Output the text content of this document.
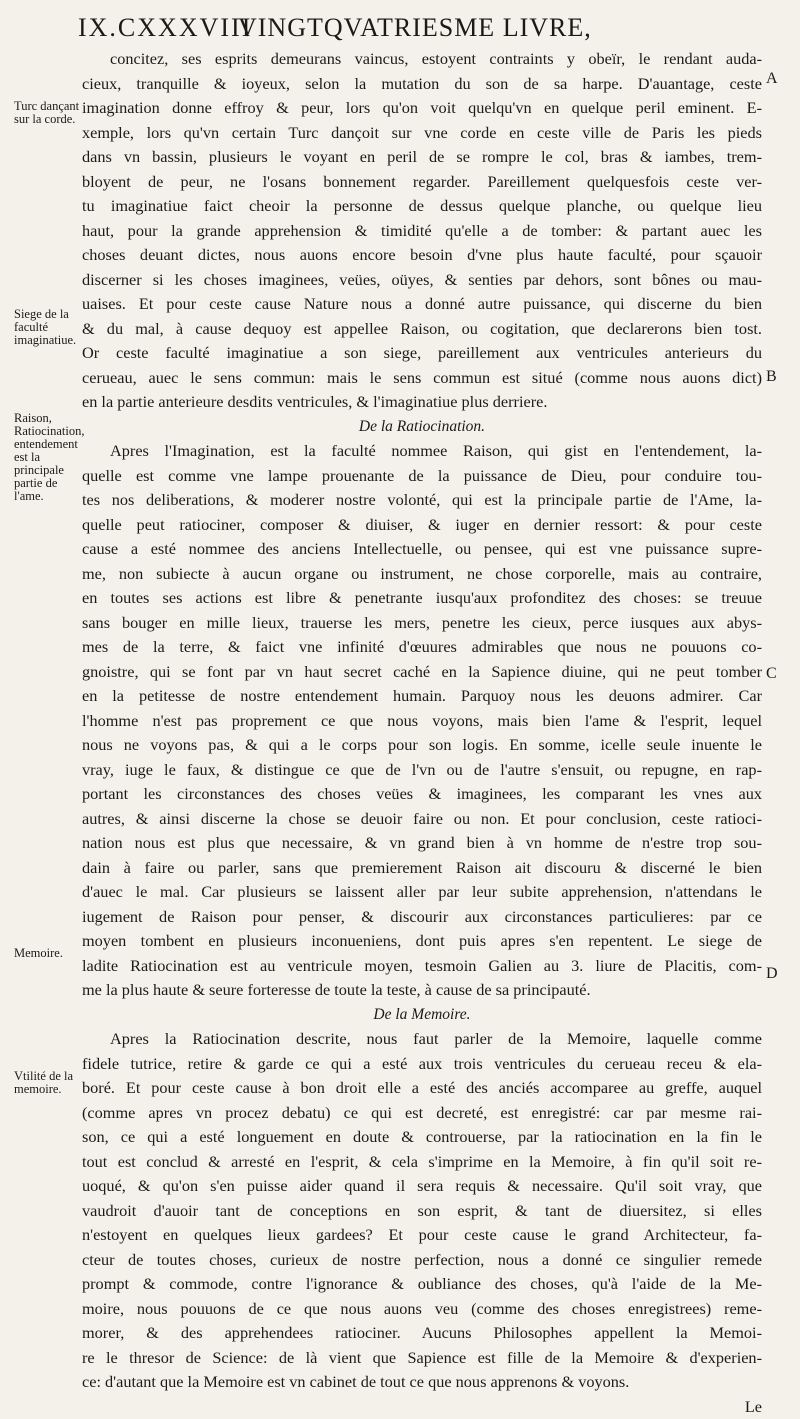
IX.CXXXVIII
VINGTQVATRIESME LIVRE,
Turc dançant sur la corde.
Siege de la faculté imaginatiue.
Raison, Ratiocination, entendement est la principale partie de l'ame.
Memoire.
Vtilité de la memoire.
A
B
C
D
concitez, ses esprits demeurans vaincus, estoyent contraints y obeïr, le rendant auda-
cieux, tranquille & ioyeux, selon la mutation du son de sa harpe. D'auantage, ceste
imagination donne effroy & peur, lors qu'on voit quelqu'vn en quelque peril eminent. E-
xemple, lors qu'vn certain Turc dançoit sur vne corde en ceste ville de Paris les pieds
dans vn bassin, plusieurs le voyant en peril de se rompre le col, bras & iambes, trem-
bloyent de peur, ne l'osans bonnement regarder. Pareillement quelquesfois ceste ver-
tu imaginatiue faict cheoir la personne de dessus quelque planche, ou quelque lieu
haut, pour la grande apprehension & timidité qu'elle a de tomber: & partant auec les
choses deuant dictes, nous auons encore besoin d'vne plus haute faculté, pour sçauoir
discerner si les choses imaginees, veües, oüyes, & senties par dehors, sont bônes ou mau-
uaises. Et pour ceste cause Nature nous a donné autre puissance, qui discerne du bien
& du mal, à cause dequoy est appellee Raison, ou cogitation, que declarerons bien tost.
Or ceste faculté imaginatiue a son siege, pareillement aux ventricules anterieurs du
cerueau, auec le sens commun: mais le sens commun est situé (comme nous auons dict)
en la partie anterieure desdits ventricules, & l'imaginatiue plus derriere.
De la Ratiocination.
Apres l'Imagination, est la faculté nommee Raison, qui gist en l'entendement, la-
quelle est comme vne lampe prouenante de la puissance de Dieu, pour conduire tou-
tes nos deliberations, & moderer nostre volonté, qui est la principale partie de l'Ame, la-
quelle peut ratiociner, composer & diuiser, & iuger en dernier ressort: & pour ceste
cause a esté nommee des anciens Intellectuelle, ou pensee, qui est vne puissance supre-
me, non subiecte à aucun organe ou instrument, ne chose corporelle, mais au contraire,
en toutes ses actions est libre & penetrante iusqu'aux profonditez des choses: se treuue
sans bouger en mille lieux, trauerse les mers, penetre les cieux, perce iusques aux abys-
mes de la terre, & faict vne infinité d'œuures admirables que nous ne pouuons co-
gnoistre, qui se font par vn haut secret caché en la Sapience diuine, qui ne peut tomber
en la petitesse de nostre entendement humain. Parquoy nous les deuons admirer. Car
l'homme n'est pas proprement ce que nous voyons, mais bien l'ame & l'esprit, lequel
nous ne voyons pas, & qui a le corps pour son logis. En somme, icelle seule inuente le
vray, iuge le faux, & distingue ce que de l'vn ou de l'autre s'ensuit, ou repugne, en rap-
portant les circonstances des choses veües & imaginees, les comparant les vnes aux
autres, & ainsi discerne la chose se deuoir faire ou non. Et pour conclusion, ceste ratioci-
nation nous est plus que necessaire, & vn grand bien à vn homme de n'estre trop sou-
dain à faire ou parler, sans que premierement Raison ait discouru & discerné le bien
d'auec le mal. Car plusieurs se laissent aller par leur subite apprehension, n'attendans le
iugement de Raison pour penser, & discourir aux circonstances particulieres: par ce
moyen tombent en plusieurs inconueniens, dont puis apres s'en repentent. Le siege de
ladite Ratiocination est au ventricule moyen, tesmoin Galien au 3. liure de Placitis, com-
me la plus haute & seure forteresse de toute la teste, à cause de sa principauté.
De la Memoire.
Apres la Ratiocination descrite, nous faut parler de la Memoire, laquelle comme
fidele tutrice, retire & garde ce qui a esté aux trois ventricules du cerueau receu & ela-
boré. Et pour ceste cause à bon droit elle a esté des anciés accomparee au greffe, auquel
(comme apres vn procez debatu) ce qui est decreté, est enregistré: car par mesme rai-
son, ce qui a esté longuement en doute & controuerse, par la ratiocination en la fin le
tout est conclud & arresté en l'esprit, & cela s'imprime en la Memoire, à fin qu'il soit re-
uoqué, & qu'on s'en puisse aider quand il sera requis & necessaire. Qu'il soit vray, que
vaudroit d'auoir tant de conceptions en son esprit, & tant de diuersitez, si elles
n'estoyent en quelques lieux gardees? Et pour ceste cause le grand Architecteur, fa-
cteur de toutes choses, curieux de nostre perfection, nous a donné ce singulier remede
prompt & commode, contre l'ignorance & oubliance des choses, qu'à l'aide de la Me-
moire, nous pouuons de ce que nous auons veu (comme des choses enregistrees) reme-
morer, & des apprehendees ratiociner. Aucuns Philosophes appellent la Memoi-
re le thresor de Science: de là vient que Sapience est fille de la Memoire & d'experien-
ce: d'autant que la Memoire est vn cabinet de tout ce que nous apprenons & voyons.
Le
